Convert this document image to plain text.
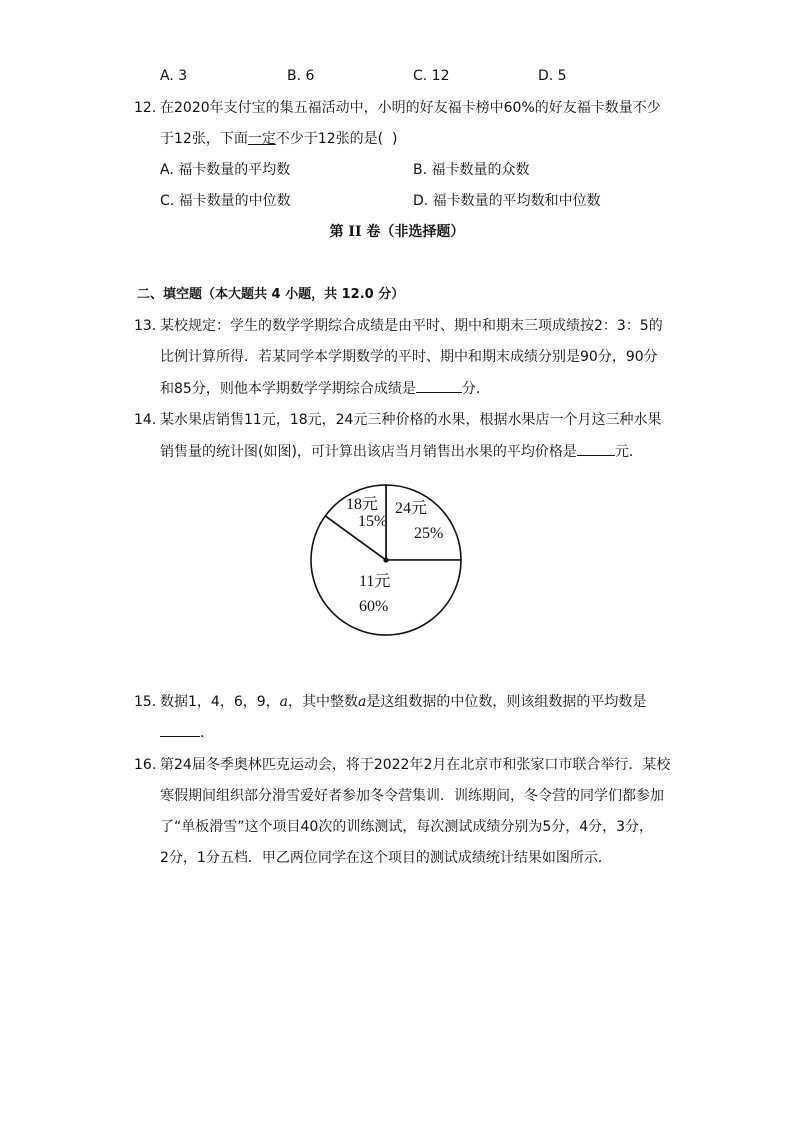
A. 3	B. 6	C. 12	D. 5
12. 在2020年支付宝的集五福活动中，小明的好友福卡榜中60%的好友福卡数量不少
于12张，下面一定不少于12张的是(  )
A. 福卡数量的平均数	B. 福卡数量的众数
C. 福卡数量的中位数	D. 福卡数量的平均数和中位数
第 II 卷（非选择题）
二、填空题（本大题共 4 小题，共 12.0 分）
13. 某校规定：学生的数学学期综合成绩是由平时、期中和期末三项成绩按2：3：5的
比例计算所得．若某同学本学期数学的平时、期中和期末成绩分别是90分，90分
和85分，则他本学期数学学期综合成绩是	分．
14. 某水果店销售11元，18元，24元三种价格的水果，根据水果店一个月这三种水果
销售量的统计图(如图)，可计算出该店当月销售出水果的平均价格是	元．
24元
25%
11元
60%
18元
15%
15. 数据1，4，6，9，a，其中整数a是这组数据的中位数，则该组数据的平均数是
．
16. 第24届冬季奥林匹克运动会，将于2022年2月在北京市和张家口市联合举行．某校
寒假期间组织部分滑雪爱好者参加冬令营集训．训练期间，冬令营的同学们都参加
了“单板滑雪”这个项目40次的训练测试，每次测试成绩分别为5分，4分，3分，
2分，1分五档．甲乙两位同学在这个项目的测试成绩统计结果如图所示．
